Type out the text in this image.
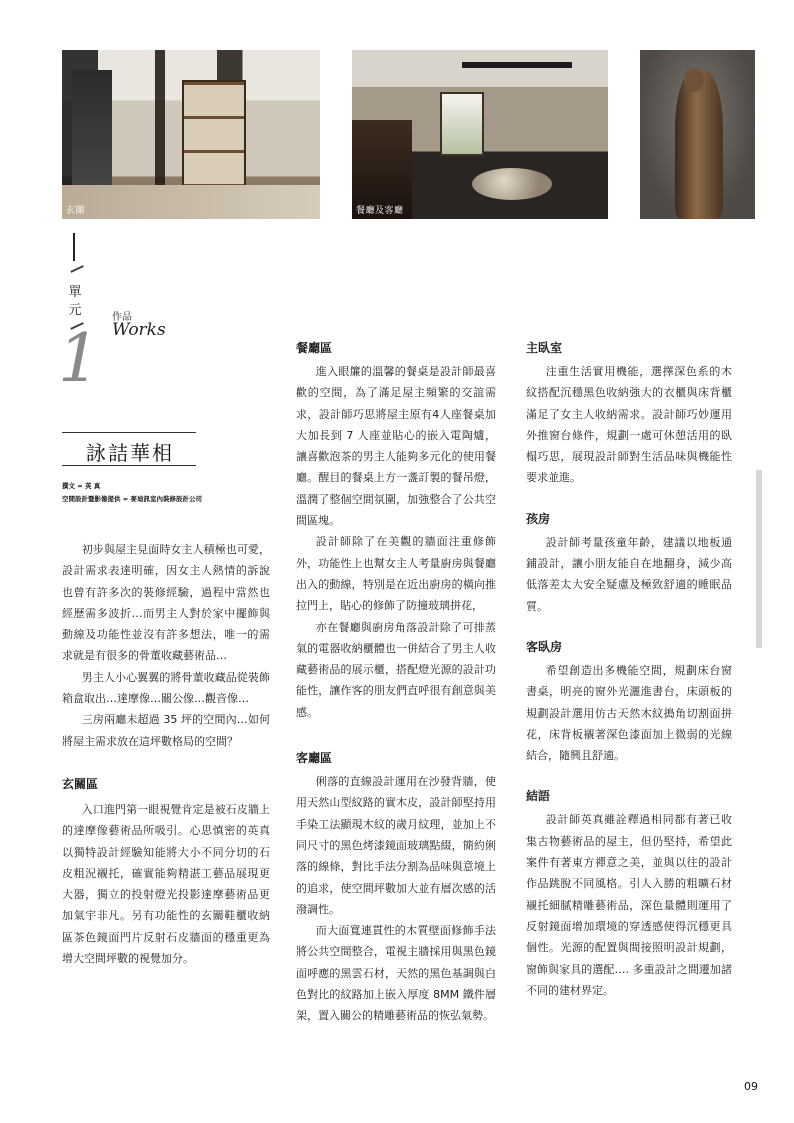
玄關	餐廳及客廳
單
元
1
作品
Works
詠詰華相
撰文 = 英 真
空間設計暨影像提供 = 麥迪訊室內裝修設計公司

初步與屋主見面時女主人積極也可愛，設計需求表達明確，因女主人熱情的訴說也曾有許多次的裝修經驗，過程中當然也經歷需多波折…而男主人對於家中擺飾與動線及功能性並沒有許多想法，唯一的需求就是有很多的骨董收藏藝術品…

男主人小心翼翼的將骨董收藏品從裝飾箱盒取出…達摩像…關公像…觀音像…

三房兩廳未超過 35 坪的空間內…如何將屋主需求放在這坪數格局的空間？

玄關區

入口進門第一眼視覺肯定是被石皮牆上的達摩像藝術品所吸引。心思慎密的英真以獨特設計經驗知能將大小不同分切的石皮粗況襯托，確實能夠精湛工藝品展現更大器，獨立的投射燈光投影達摩藝術品更加氣宇非凡。另有功能性的玄關鞋櫃收納區茶色鏡面門片反射石皮牆面的穩重更為增大空間坪數的視覺加分。

餐廳區

進入眼簾的溫馨的餐桌是設計師最喜歡的空間，為了滿足屋主頻繁的交誼需求，設計師巧思將屋主原有4人座餐桌加大加長到 7 人座並貼心的嵌入電陶爐，讓喜歡泡茶的男主人能夠多元化的使用餐廳。醒目的餐桌上方一盞訂製的餐吊燈，溫潤了整個空間氛圍，加強整合了公共空間區塊。

設計師除了在美觀的牆面注重修飾外，功能性上也幫女主人考量廚房與餐廳出入的動線，特別是在近出廚房的橫向推拉門上，貼心的修飾了防撞玻璃拼花，

亦在餐廳與廚房角落設計除了可排蒸氣的電器收納櫃體也一併結合了男主人收藏藝術品的展示櫃，搭配燈光源的設計功能性，讓作客的朋友們直呼很有創意與美感。

客廳區

俐落的直線設計運用在沙發背牆，使用天然山型紋路的實木皮，設計師堅持用手染工法顯現木紋的歲月紋理，並加上不同尺寸的黑色烤漆鏡面玻璃點綴，簡約俐落的線條，對比手法分割為品味與意境上的追求，使空間坪數加大並有層次感的活潑調性。

而大面寬連貫性的木質壁面修飾手法將公共空間整合，電視主牆採用與黑色鏡面呼應的黑雲石材，天然的黑色基調與白色對比的紋路加上嵌入厚度 8MM 鐵件層架，置入關公的精雕藝術品的恢弘氣勢。

主臥室

注重生活實用機能，選擇深色系的木紋搭配沉穩黑色收納強大的衣櫃與床背櫃滿足了女主人收納需求。設計師巧妙運用外推窗台條件，規劃一處可休憩活用的臥榻巧思，展現設計師對生活品味與機能性要求並進。

孩房

設計師考量孩童年齡，建議以地板通鋪設計，讓小朋友能自在地翻身，減少高低落差太大安全疑慮及極致舒適的睡眠品質。

客臥房

希望創造出多機能空間，規劃床台窗書桌，明亮的窗外光灑進書台，床頭板的規劃設計選用仿古天然木紋搗角切割面拼花，床背板襯著深色漆面加上微弱的光線結合，隨興且舒適。

結語

設計師英真雖詮釋過相同都有著已收集古物藝術品的屋主，但仍堅持，希望此案件有著東方禪意之美，並與以往的設計作品跳脫不同風格。引人入勝的粗曠石材襯托細膩精雕藝術品，深色量體則運用了反射鏡面增加環境的穿透感使得沉穩更具個性。光源的配置與間接照明設計規劃，窗飾與家具的選配…. 多重設計之間遷加諸不同的建材界定。

09
